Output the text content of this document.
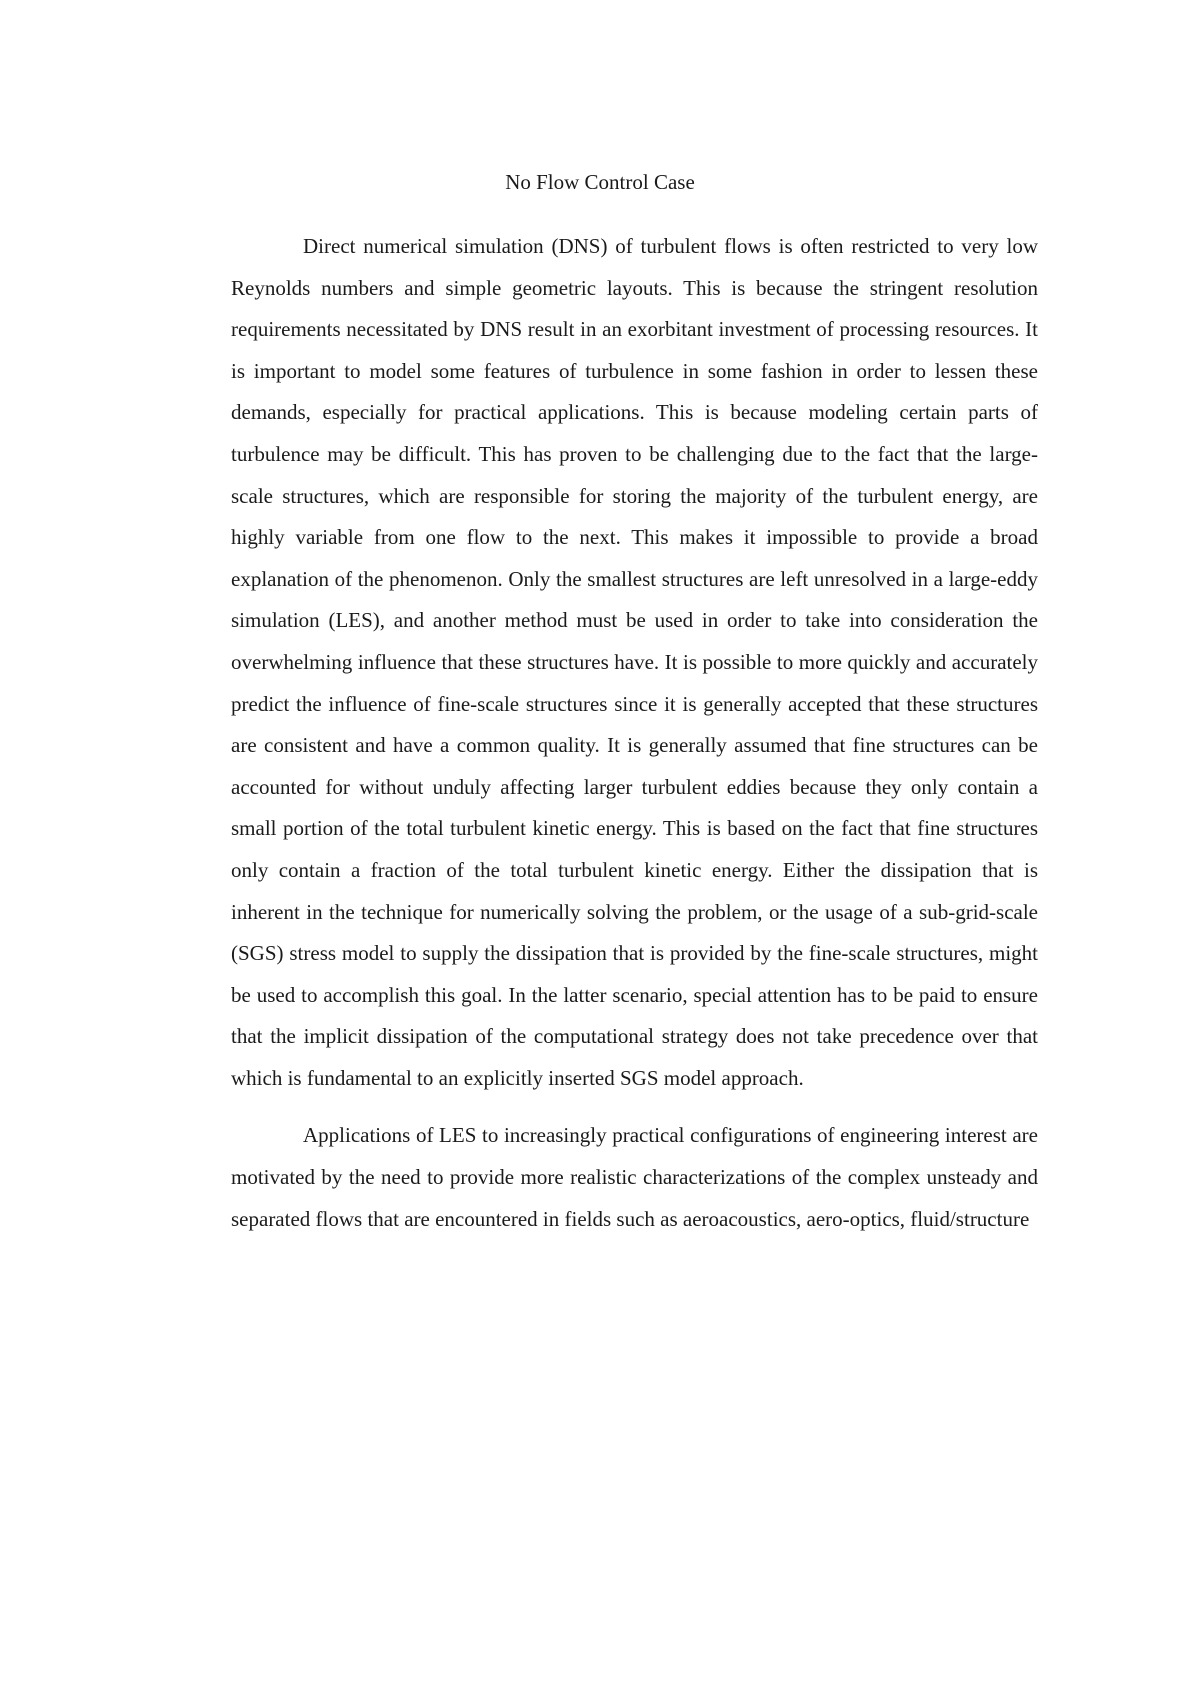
No Flow Control Case

Direct numerical simulation (DNS) of turbulent flows is often restricted to very low Reynolds numbers and simple geometric layouts. This is because the stringent resolution requirements necessitated by DNS result in an exorbitant investment of processing resources. It is important to model some features of turbulence in some fashion in order to lessen these demands, especially for practical applications. This is because modeling certain parts of turbulence may be difficult. This has proven to be challenging due to the fact that the large-scale structures, which are responsible for storing the majority of the turbulent energy, are highly variable from one flow to the next. This makes it impossible to provide a broad explanation of the phenomenon. Only the smallest structures are left unresolved in a large-eddy simulation (LES), and another method must be used in order to take into consideration the overwhelming influence that these structures have. It is possible to more quickly and accurately predict the influence of fine-scale structures since it is generally accepted that these structures are consistent and have a common quality. It is generally assumed that fine structures can be accounted for without unduly affecting larger turbulent eddies because they only contain a small portion of the total turbulent kinetic energy. This is based on the fact that fine structures only contain a fraction of the total turbulent kinetic energy. Either the dissipation that is inherent in the technique for numerically solving the problem, or the usage of a sub-grid-scale (SGS) stress model to supply the dissipation that is provided by the fine-scale structures, might be used to accomplish this goal. In the latter scenario, special attention has to be paid to ensure that the implicit dissipation of the computational strategy does not take precedence over that which is fundamental to an explicitly inserted SGS model approach.

Applications of LES to increasingly practical configurations of engineering interest are motivated by the need to provide more realistic characterizations of the complex unsteady and separated flows that are encountered in fields such as aeroacoustics, aero-optics, fluid/structure
